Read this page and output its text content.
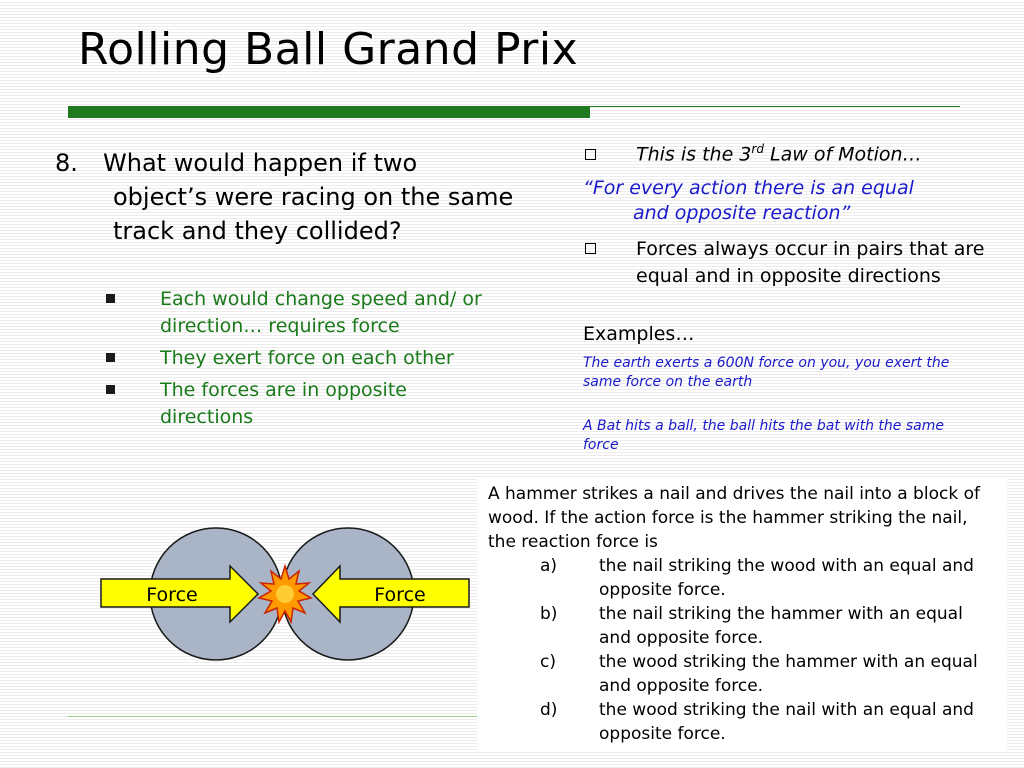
Rolling Ball Grand Prix
8.	What would happen if two object’s were racing on the same track and they collided?
Each would change speed and/ or direction… requires force
They exert force on each other
The forces are in opposite directions
This is the 3rd Law of Motion…
“For every action there is an equal
and opposite reaction”
Forces always occur in pairs that are equal and in opposite directions
Examples…
The earth exerts a 600N force on you, you exert the same force on the earth
A Bat hits a ball, the ball hits the bat with the same force
Force	Force
A hammer strikes a nail and drives the nail into a block of wood. If the action force is the hammer striking the nail, the reaction force is
a) the nail striking the wood with an equal and opposite force.
b) the nail striking the hammer with an equal and opposite force.
c)	the wood striking the hammer with an equal and opposite force.
d) the wood striking the nail with an equal and opposite force.
